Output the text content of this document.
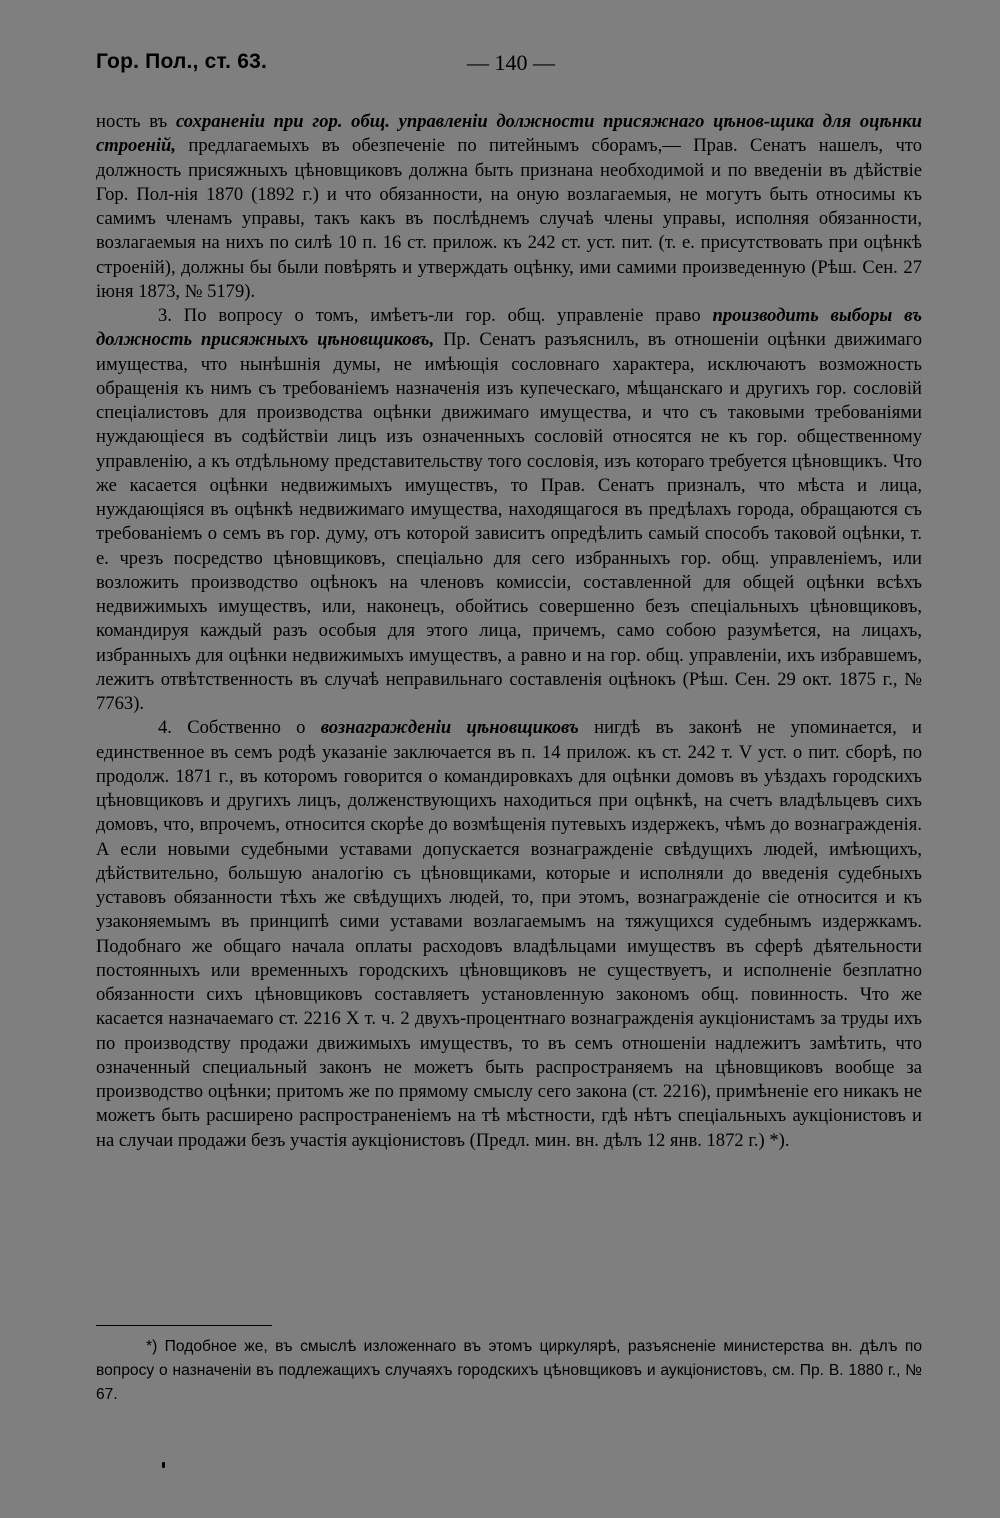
Гор. Пол., ст. 63.	— 140 —

ность въ сохраненіи при гор. общ. управленіи должности присяжнаго цѣнов-щика для оцѣнки строеній, предлагаемыхъ въ обезпеченіе по питейнымъ сборамъ,— Прав. Сенатъ нашелъ, что должность присяжныхъ цѣновщиковъ должна быть признана необходимой и по введеніи въ дѣйствіе Гор. Пол-нія 1870 (1892 г.) и что обязанности, на оную возлагаемыя, не могутъ быть относимы къ самимъ членамъ управы, такъ какъ въ послѣднемъ случаѣ члены управы, исполняя обязанности, возлагаемыя на нихъ по силѣ 10 п. 16 ст. прилож. къ 242 ст. уст. пит. (т. е. присутствовать при оцѣнкѣ строеній), должны бы были повѣрять и утверждать оцѣнку, ими самими произведенную (Рѣш. Сен. 27 іюня 1873, № 5179).

3. По вопросу о томъ, имѣетъ-ли гор. общ. управленіе право производить выборы въ должность присяжныхъ цѣновщиковъ, Пр. Сенатъ разъяснилъ, въ отношеніи оцѣнки движимаго имущества, что нынѣшнія думы, не имѣющія сословнаго характера, исключаютъ возможность обращенія къ нимъ съ требованіемъ назначенія изъ купеческаго, мѣщанскаго и другихъ гор. сословій спеціалистовъ для производства оцѣнки движимаго имущества, и что съ таковыми требованіями нуждающіеся въ содѣйствіи лицъ изъ означенныхъ сословій относятся не къ гор. общественному управленію, а къ отдѣльному представительству того сословія, изъ котораго требуется цѣновщикъ. Что же касается оцѣнки недвижимыхъ имуществъ, то Прав. Сенатъ призналъ, что мѣста и лица, нуждающіяся въ оцѣнкѣ недвижимаго имущества, находящагося въ предѣлахъ города, обращаются съ требованіемъ о семъ въ гор. думу, отъ которой зависитъ опредѣлить самый способъ таковой оцѣнки, т. е. чрезъ посредство цѣновщиковъ, спеціально для сего избранныхъ гор. общ. управленіемъ, или возложить производство оцѣнокъ на членовъ комиссіи, составленной для общей оцѣнки всѣхъ недвижимыхъ имуществъ, или, наконецъ, обойтись совершенно безъ спеціальныхъ цѣновщиковъ, командируя каждый разъ особыя для этого лица, причемъ, само собою разумѣется, на лицахъ, избранныхъ для оцѣнки недвижимыхъ имуществъ, а равно и на гор. общ. управленіи, ихъ избравшемъ, лежитъ отвѣтственность въ случаѣ неправильнаго составленія оцѣнокъ (Рѣш. Сен. 29 окт. 1875 г., № 7763).

4. Собственно о вознагражденіи цѣновщиковъ нигдѣ въ законѣ не упоминается, и единственное въ семъ родѣ указаніе заключается въ п. 14 прилож. къ ст. 242 т. V уст. о пит. сборѣ, по продолж. 1871 г., въ которомъ говорится о командировкахъ для оцѣнки домовъ въ уѣздахъ городскихъ цѣновщиковъ и другихъ лицъ, долженствующихъ находиться при оцѣнкѣ, на счетъ владѣльцевъ сихъ домовъ, что, впрочемъ, относится скорѣе до возмѣщенія путевыхъ издержекъ, чѣмъ до вознагражденія. А если новыми судебными уставами допускается вознагражденіе свѣдущихъ людей, имѣющихъ, дѣйствительно, большую аналогію съ цѣновщиками, которые и исполняли до введенія судебныхъ уставовъ обязанности тѣхъ же свѣдущихъ людей, то, при этомъ, вознагражденіе сіе относится и къ узаконяемымъ въ принципѣ сими уставами возлагаемымъ на тяжущихся судебнымъ издержкамъ. Подобнаго же общаго начала оплаты расходовъ владѣльцами имуществъ въ сферѣ дѣятельности постоянныхъ или временныхъ городскихъ цѣновщиковъ не существуетъ, и исполненіе безплатно обязанности сихъ цѣновщиковъ составляетъ установленную закономъ общ. повинность. Что же касается назначаемаго ст. 2216 X т. ч. 2 двухъ-процентнаго вознагражденія аукціонистамъ за труды ихъ по производству продажи движимыхъ имуществъ, то въ семъ отношеніи надлежитъ замѣтить, что означенный специальный законъ не можетъ быть распространяемъ на цѣновщиковъ вообще за производство оцѣнки; притомъ же по прямому смыслу сего закона (ст. 2216), примѣненіе его никакъ не можетъ быть расширено распространеніемъ на тѣ мѣстности, гдѣ нѣтъ спеціальныхъ аукціонистовъ и на случаи продажи безъ участія аукціонистовъ (Предл. мин. вн. дѣлъ 12 янв. 1872 г.) *).

*) Подобное же, въ смыслѣ изложеннаго въ этомъ циркулярѣ, разъясненіе министерства вн. дѣлъ по вопросу о назначеніи въ подлежащихъ случаяхъ городскихъ цѣновщиковъ и аукціонистовъ, см. Пр. В. 1880 г., № 67.
